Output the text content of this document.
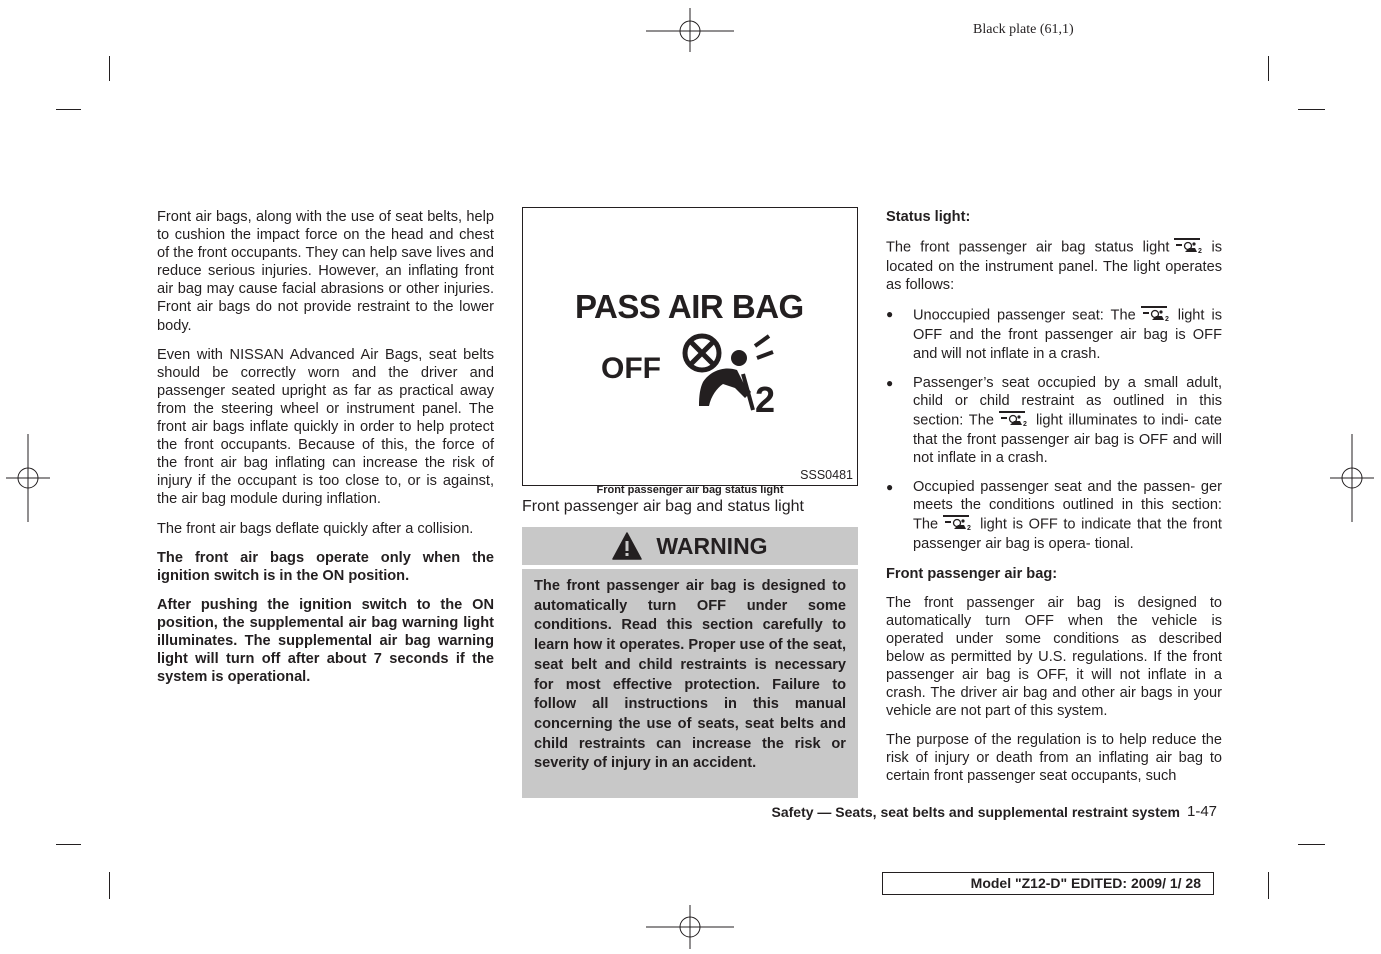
Black plate (61,1)

Front air bags, along with the use of seat belts, help to cushion the impact force on the head and chest of the front occupants. They can help save lives and reduce serious injuries. However, an inflating front air bag may cause facial abrasions or other injuries. Front air bags do not provide restraint to the lower body.

Even with NISSAN Advanced Air Bags, seat belts should be correctly worn and the driver and passenger seated upright as far as practical away from the steering wheel or instrument panel. The front air bags inflate quickly in order to help protect the front occupants. Because of this, the force of the front air bag inflating can increase the risk of injury if the occupant is too close to, or is against, the air bag module during inflation.

The front air bags deflate quickly after a collision.

The front air bags operate only when the ignition switch is in the ON position.

After pushing the ignition switch to the ON position, the supplemental air bag warning light illuminates. The supplemental air bag warning light will turn off after about 7 seconds if the system is operational.

PASS AIR BAG
OFF
2
SSS0481
Front passenger air bag status light
Front passenger air bag and status light
WARNING

The front passenger air bag is designed to automatically turn OFF under some conditions. Read this section carefully to learn how it operates. Proper use of the seat, seat belt and child restraints is necessary for most effective protection. Failure to follow all instructions in this manual concerning the use of seats, seat belts and child restraints can increase the risk or severity of injury in an accident.

Status light:

The front passenger air bag status light	2 is located on the instrument panel. The light operates as follows:

● Unoccupied passenger seat: The	2 light is OFF and the front passenger air bag is OFF and will not inflate in a crash.
● Passenger’s seat occupied by a small adult, child or child restraint as outlined in this section: The	2 light illuminates to indi- cate that the front passenger air bag is OFF and will not inflate in a crash.
● Occupied passenger seat and the passen- ger meets the conditions outlined in this section: The	2 light is OFF to indicate that the front passenger air bag is opera- tional.
Front passenger air bag:

The front passenger air bag is designed to automatically turn OFF when the vehicle is operated under some conditions as described below as permitted by U.S. regulations. If the front passenger air bag is OFF, it will not inflate in a crash. The driver air bag and other air bags in your vehicle are not part of this system.

The purpose of the regulation is to help reduce the risk of injury or death from an inflating air bag to certain front passenger seat occupants, such

Safety — Seats, seat belts and supplemental restraint system 1-47
Model "Z12-D" EDITED: 2009/ 1/ 28
